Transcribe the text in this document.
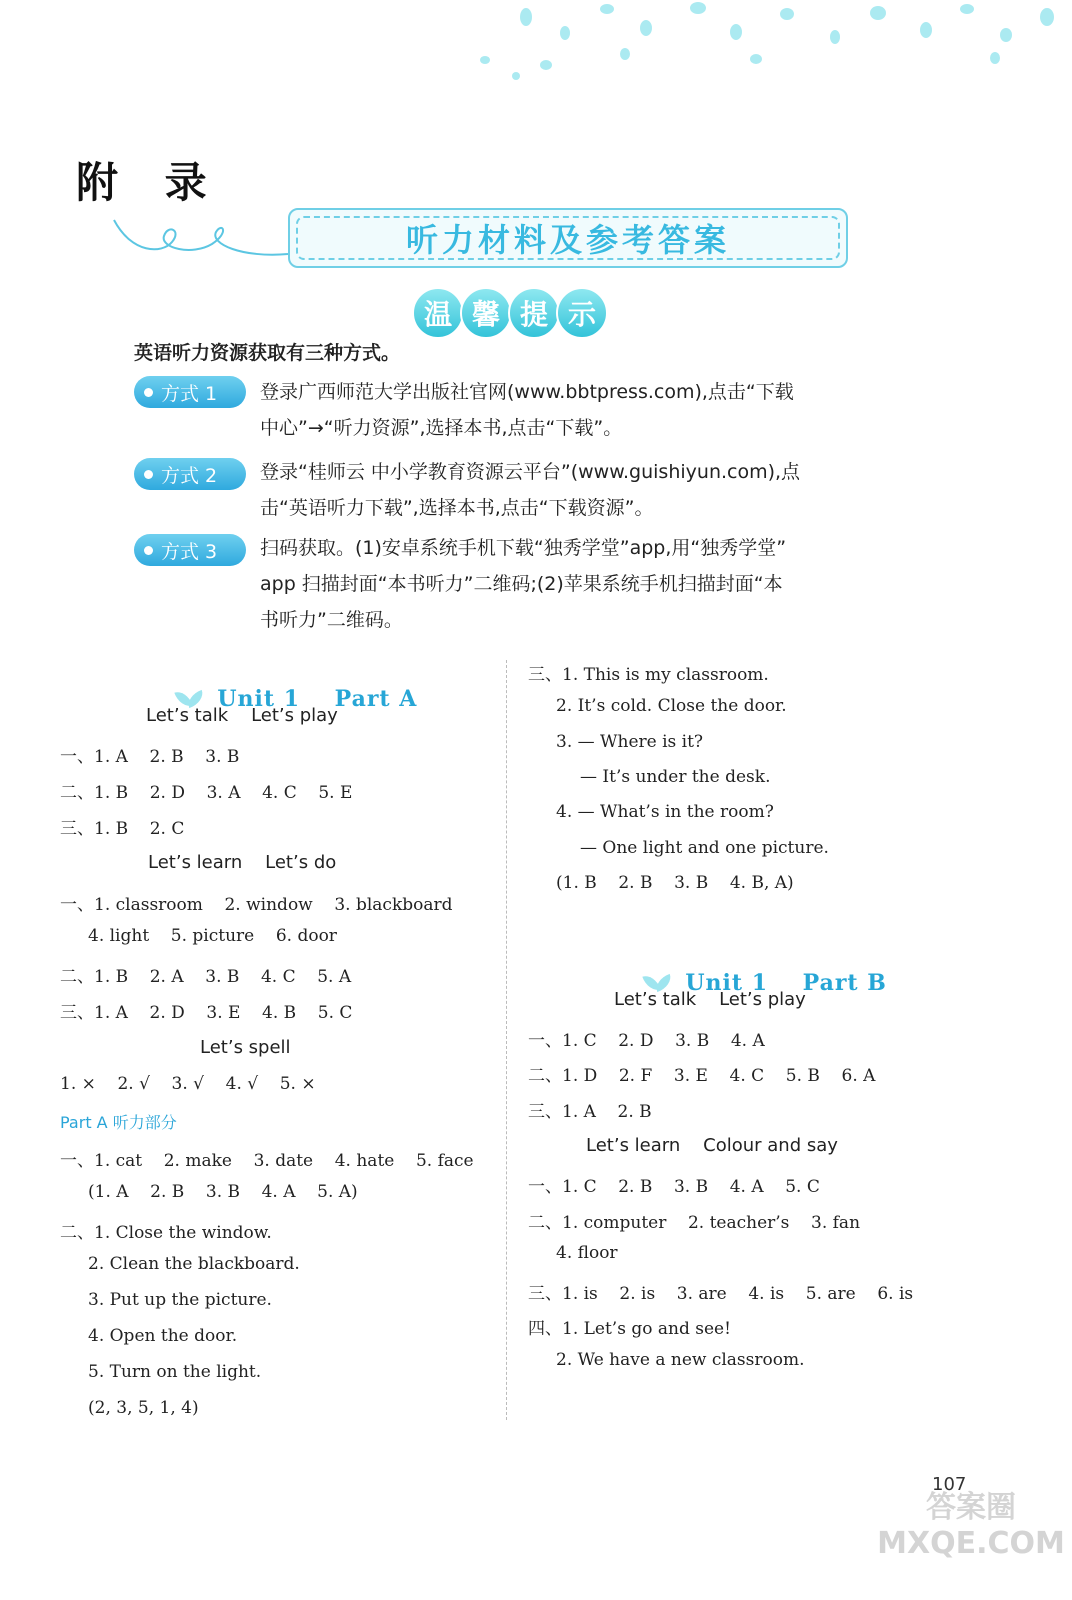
附 录
听力材料及参考答案
温 馨 提 示
英语听力资源获取有三种方式。
方式 1 登录广西师范大学出版社官网(www.bbtpress.com),点击“下载
中心”→“听力资源”,选择本书,点击“下载”。
方式 2 登录“桂师云 中小学教育资源云平台”(www.guishiyun.com),点
击“英语听力下载”,选择本书,点击“下载资源”。
方式 3 扫码获取。(1)安卓系统手机下载“独秀学堂”app,用“独秀学堂”
app 扫描封面“本书听力”二维码;(2)苹果系统手机扫描封面“本
书听力”二维码。

Unit 1    Part A

Let’s talk    Let’s play
一、1. A    2. B    3. B
二、1. B    2. D    3. A    4. C    5. E
三、1. B    2. C
Let’s learn    Let’s do
一、1. classroom    2. window    3. blackboard
4. light    5. picture    6. door
二、1. B    2. A    3. B    4. C    5. A
三、1. A    2. D    3. E    4. B    5. C
Let’s spell
1. ×    2. √    3. √    4. √    5. ×
Part A 听力部分
一、1. cat    2. make    3. date    4. hate    5. face
(1. A    2. B    3. B    4. A    5. A)
二、1. Close the window.
2. Clean the blackboard.
3. Put up the picture.
4. Open the door.
5. Turn on the light.
(2, 3, 5, 1, 4)
三、1. This is my classroom.
2. It’s cold. Close the door.
3. — Where is it?
— It’s under the desk.
4. — What’s in the room?
— One light and one picture.
(1. B    2. B    3. B    4. B, A)

Unit 1    Part B

Let’s talk    Let’s play
一、1. C    2. D    3. B    4. A
二、1. D    2. F    3. E    4. C    5. B    6. A
三、1. A    2. B
Let’s learn    Colour and say
一、1. C    2. B    3. B    4. A    5. C
二、1. computer    2. teacher’s    3. fan
4. floor
三、1. is    2. is    3. are    4. is    5. are    6. is
四、1. Let’s go and see!
2. We have a new classroom.
107
答案圈 MXQE.COM
